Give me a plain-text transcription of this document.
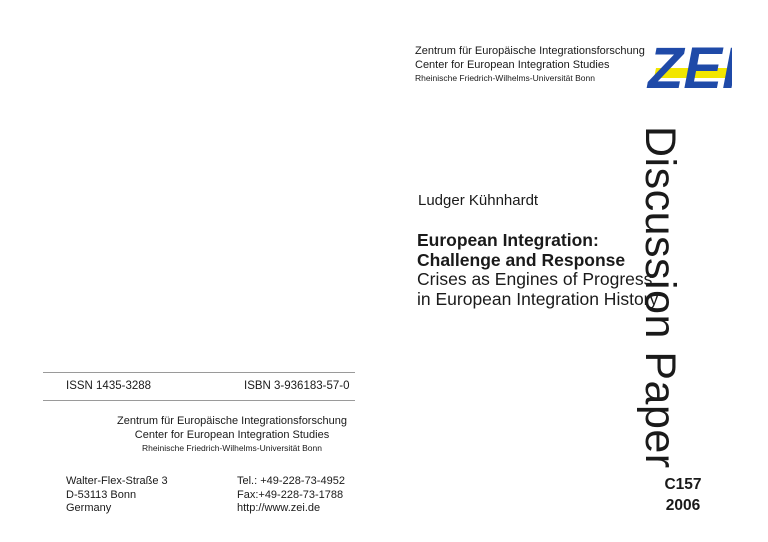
Zentrum für Europäische Integrationsforschung
Center for European Integration Studies
Rheinische Friedrich-Wilhelms-Universität Bonn ZEI
Discussion Paper
Ludger Kühnhardt
European Integration:
Challenge and Response
Crises as Engines of Progress
in European Integration History
C157
2006
ISSN 1435-3288	ISBN 3-936183-57-0
Zentrum für Europäische Integrationsforschung
Center for European Integration Studies
Rheinische Friedrich-Wilhelms-Universität Bonn
Walter-Flex-Straße 3
D-53113 Bonn
Germany
Tel.: +49-228-73-4952
Fax:+49-228-73-1788
http://www.zei.de
